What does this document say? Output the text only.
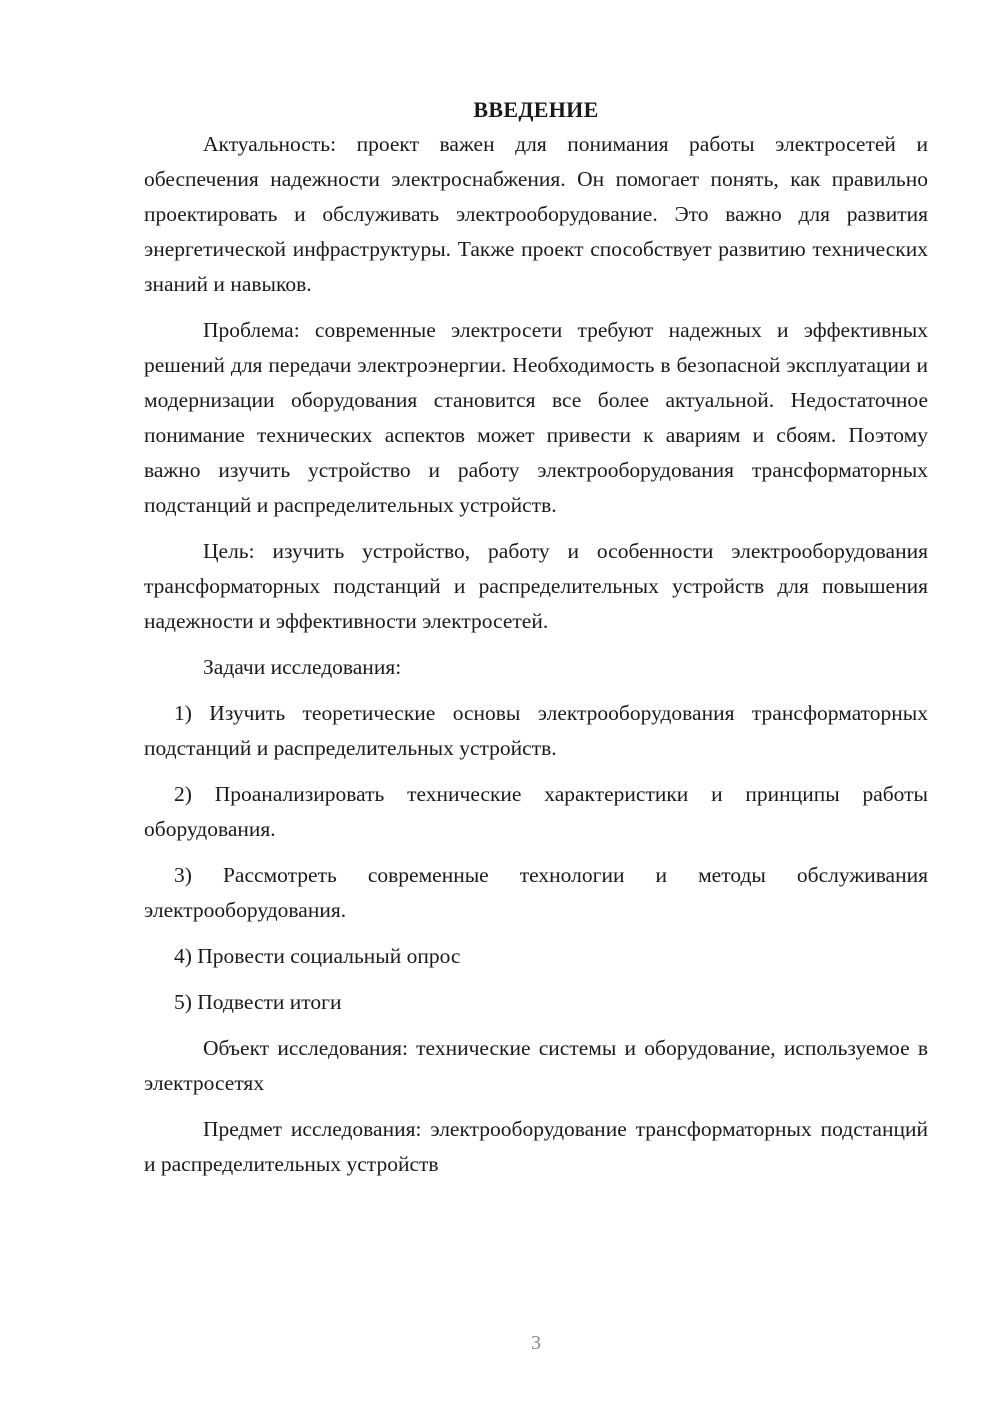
ВВЕДЕНИЕ

Актуальность: проект важен для понимания работы электросетей и обеспечения надежности электроснабжения. Он помогает понять, как правильно проектировать и обслуживать электрооборудование. Это важно для развития энергетической инфраструктуры. Также проект способствует развитию технических знаний и навыков.

Проблема: современные электросети требуют надежных и эффективных решений для передачи электроэнергии. Необходимость в безопасной эксплуатации и модернизации оборудования становится все более актуальной. Недостаточное понимание технических аспектов может привести к авариям и сбоям. Поэтому важно изучить устройство и работу электрооборудования трансформаторных подстанций и распределительных устройств.

Цель: изучить устройство, работу и особенности электрооборудования трансформаторных подстанций и распределительных устройств для повышения надежности и эффективности электросетей.

Задачи исследования:

1) Изучить теоретические основы электрооборудования трансформаторных подстанций и распределительных устройств.

2) Проанализировать технические характеристики и принципы работы оборудования.

3) Рассмотреть современные технологии и методы обслуживания электрооборудования.

4) Провести социальный опрос

5) Подвести итоги

Объект исследования: технические системы и оборудование, используемое в электросетях

Предмет исследования: электрооборудование трансформаторных подстанций и распределительных устройств

3
